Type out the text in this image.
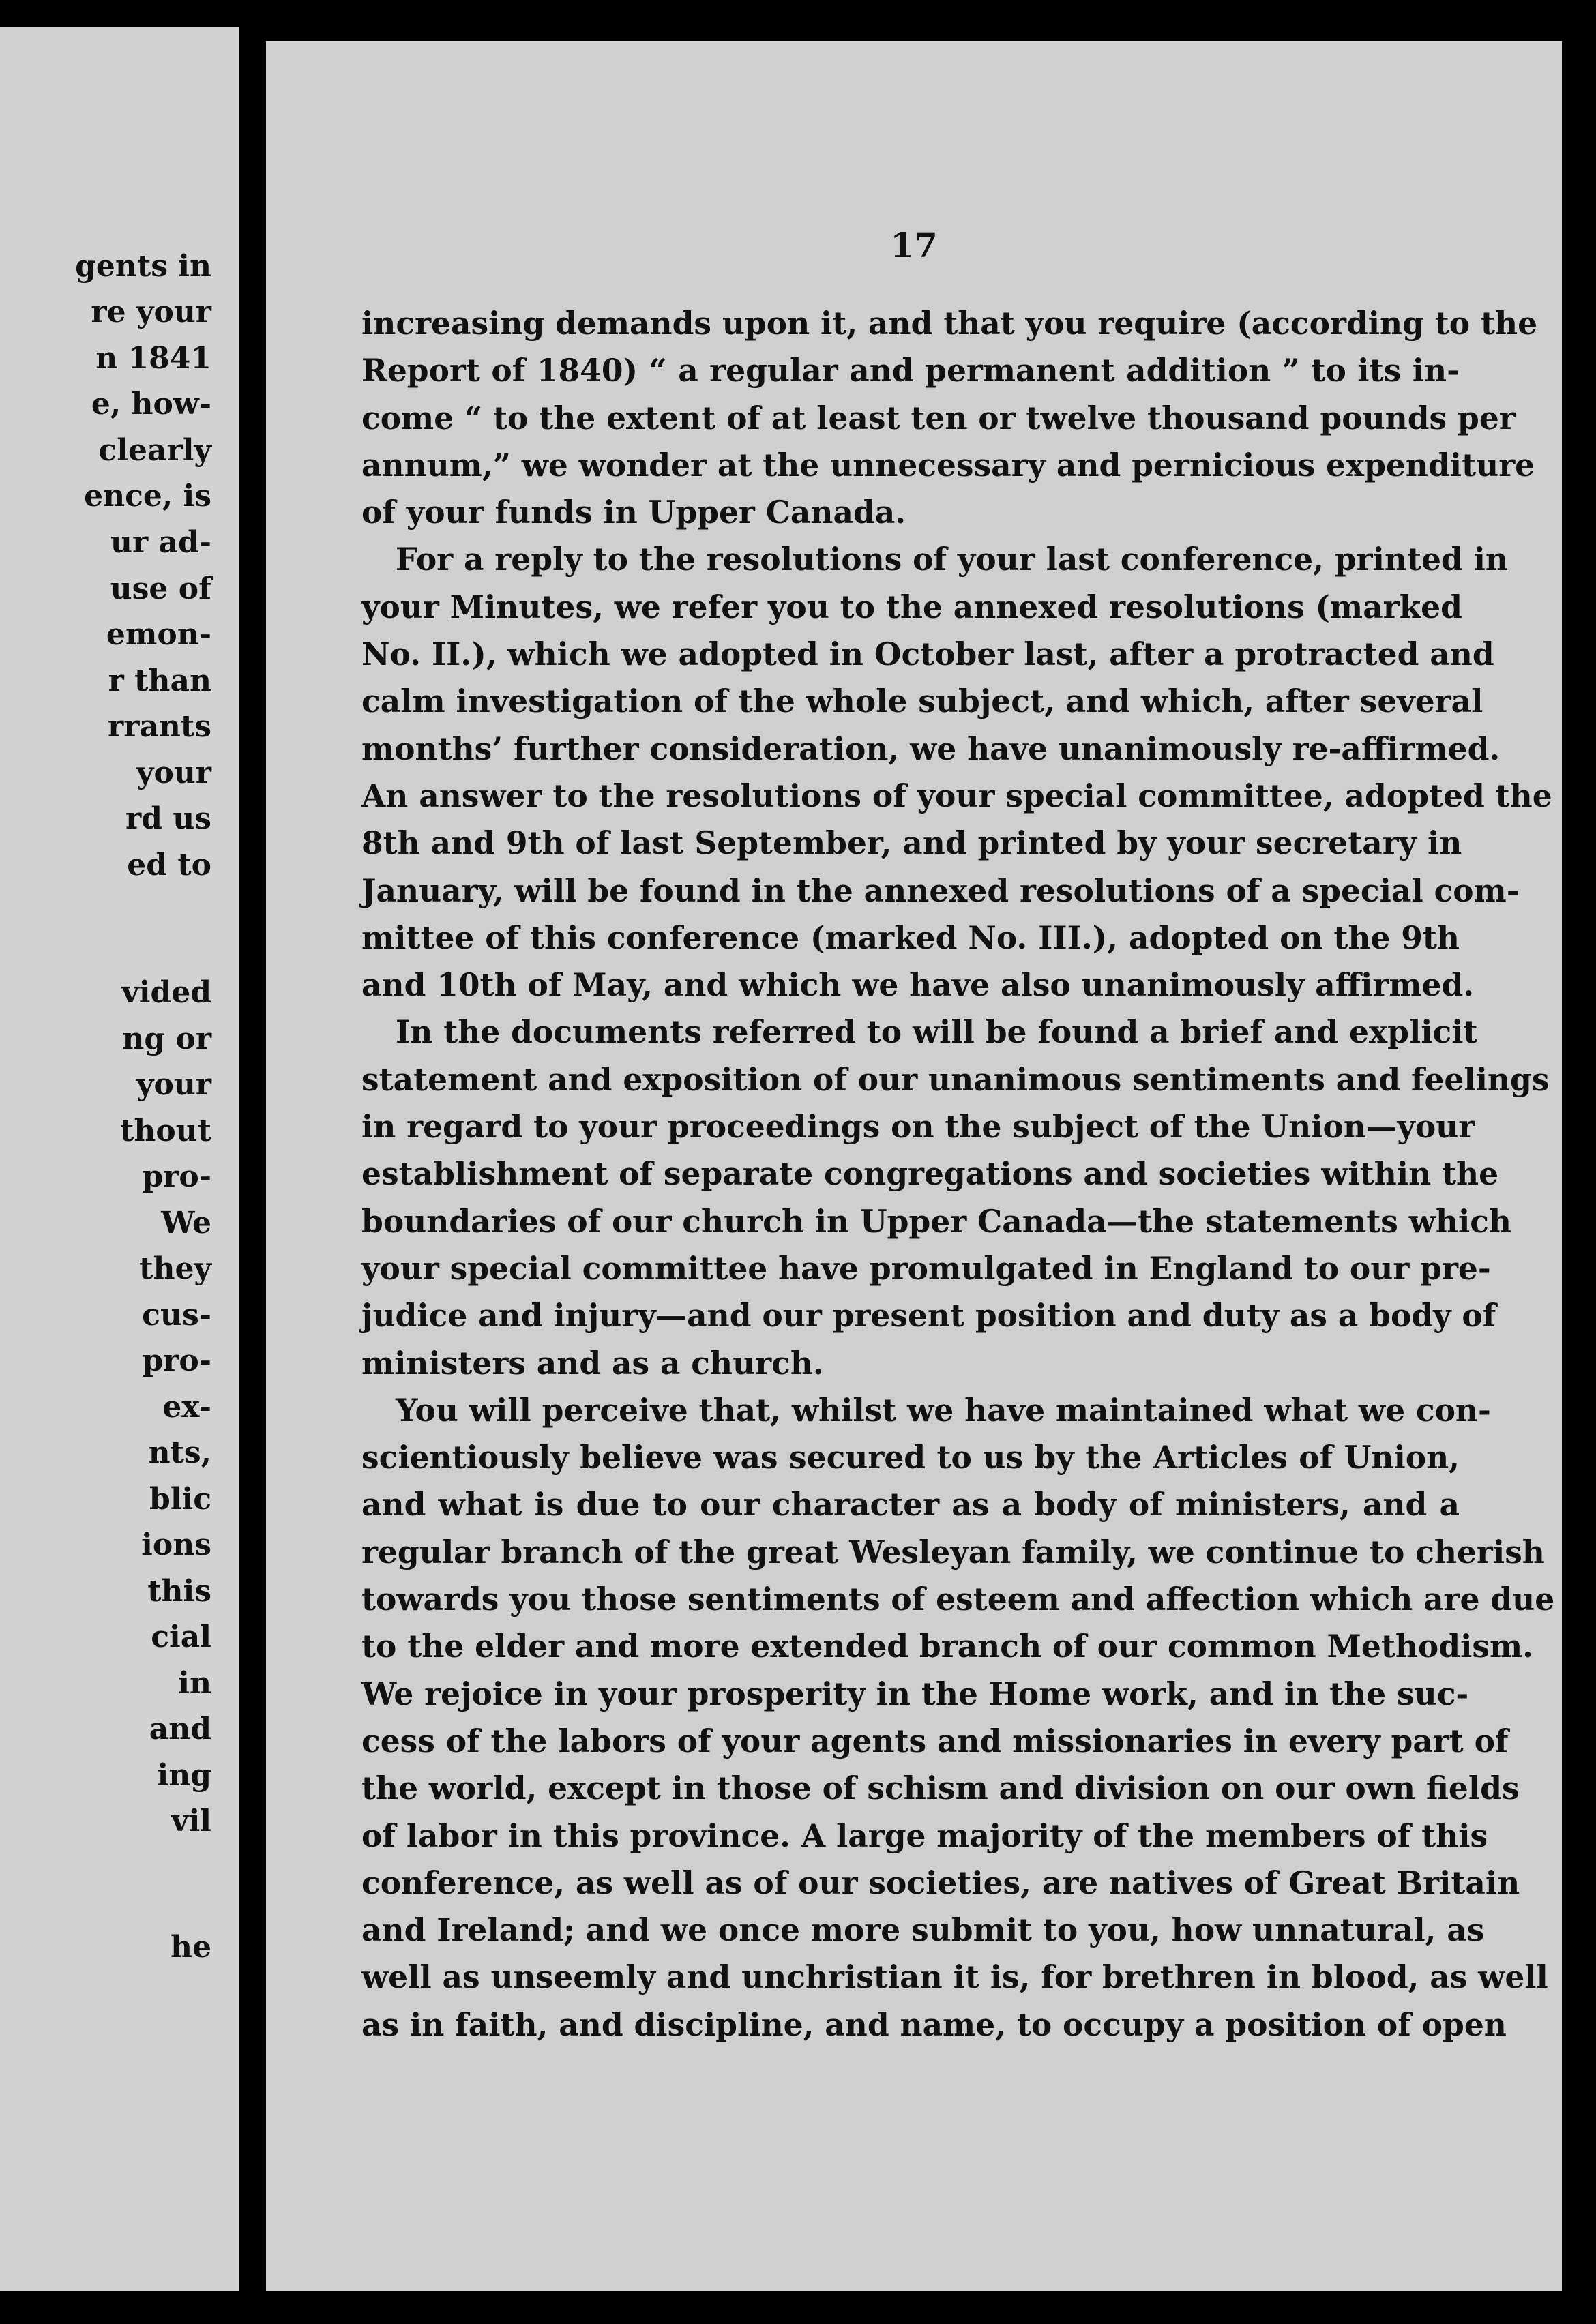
gents in
re your
n 1841
e, how-
clearly
ence, is
ur ad-
use of
emon-
r than
rrants
your
rd us
ed to
vided
ng or
your
thout
pro-
We
they
cus-
pro-
ex-
nts,
blic
ions
this
cial
in
and
ing
vil
he
17
increasing demands upon it, and that you require (according to the
Report of 1840) “ a regular and permanent addition ” to its in-
come “ to the extent of at least ten or twelve thousand pounds per
annum,” we wonder at the unnecessary and pernicious expenditure
of your funds in Upper Canada.
For a reply to the resolutions of your last conference, printed in
your Minutes, we refer you to the annexed resolutions (marked
No. II.), which we adopted in October last, after a protracted and
calm investigation of the whole subject, and which, after several
months’ further consideration, we have unanimously re-affirmed.
An answer to the resolutions of your special committee, adopted the
8th and 9th of last September, and printed by your secretary in
January, will be found in the annexed resolutions of a special com-
mittee of this conference (marked No. III.), adopted on the 9th
and 10th of May, and which we have also unanimously affirmed.
In the documents referred to will be found a brief and explicit
statement and exposition of our unanimous sentiments and feelings
in regard to your proceedings on the subject of the Union—your
establishment of separate congregations and societies within the
boundaries of our church in Upper Canada—the statements which
your special committee have promulgated in England to our pre-
judice and injury—and our present position and duty as a body of
ministers and as a church.
You will perceive that, whilst we have maintained what we con-
scientiously believe was secured to us by the Articles of Union,
and what is due to our character as a body of ministers, and a
regular branch of the great Wesleyan family, we continue to cherish
towards you those sentiments of esteem and affection which are due
to the elder and more extended branch of our common Methodism.
We rejoice in your prosperity in the Home work, and in the suc-
cess of the labors of your agents and missionaries in every part of
the world, except in those of schism and division on our own fields
of labor in this province. A large majority of the members of this
conference, as well as of our societies, are natives of Great Britain
and Ireland; and we once more submit to you, how unnatural, as
well as unseemly and unchristian it is, for brethren in blood, as well
as in faith, and discipline, and name, to occupy a position of open
